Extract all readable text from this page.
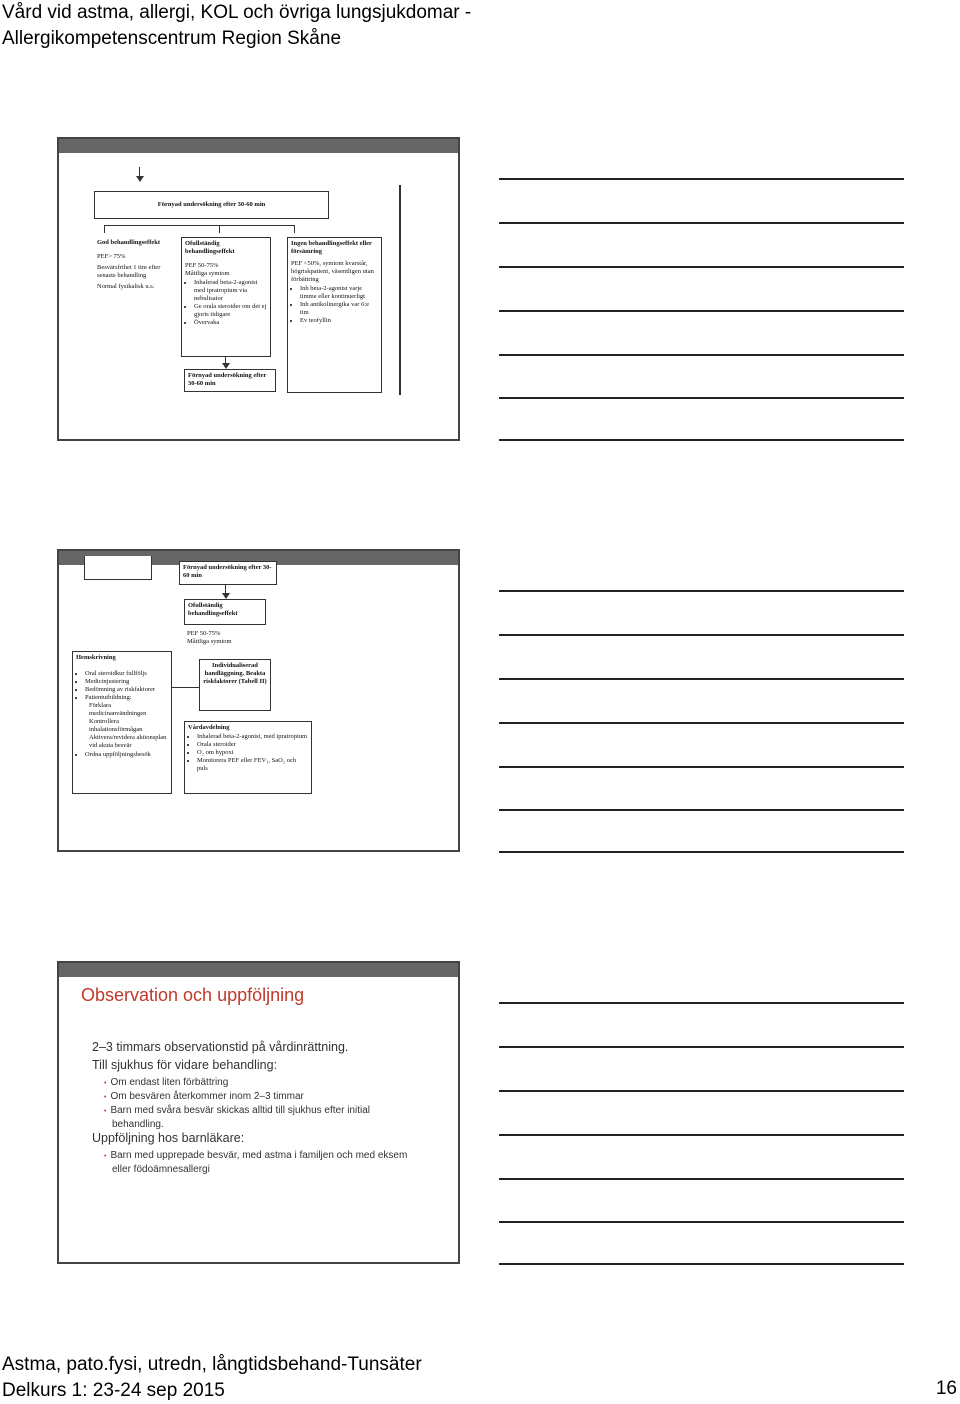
Vård vid astma, allergi, KOL och övriga lungsjukdomar -
Allergikompetenscentrum Region Skåne
Förnyad undersökning efter 30-60 min
God behandlingseffekt
PEF> 75%
Besvärsfrihet 1 tim efter senaste behandling
Normal fysikalisk u.s.
Ofullständig behandlingseffekt
PEF 50-75%
Måttliga symtom
• Inhalerad beta-2-agonist med ipratropium via nebulisator
• Ge orala steroider om det ej gjorts tidigare
• Övervaka
Ingen behandlingseffekt eller försämring
PEF <50%, symtom kvarstår, högriskpatient, väsentligen utan förbättring
• Inh beta-2-agonist varje timme eller kontinuerligt
• Inh antikolinergika var 6:e tim
• Ev teofyllin
Förnyad undersökning efter 30-60 min
Förnyad undersökning efter 30-60 min
Ofullständig behandlingseffekt
PEF 50-75%
Måttliga symtom
Hemskrivning
• Oral steroidkur fullföljs
• Medicinjustering
• Bedömning av riskfaktorer
• Patientutbildning:
Förklara medicinanvändningen
Kontrollera inhalationsförmågan
Aktivera/revidera aktionsplan vid akuta besvär
• Ordna uppföljningsbesök
Individualiserad handläggning. Beakta riskfaktorer (Tabell II)
Vårdavdelning
• Inhalerad beta-2-agonist, med ipratropium
• Orala steroider
• O₂ om hypoxi
• Monitorera PEF eller FEV₁, SaO₂ och puls
Observation och uppföljning
2–3 timmars observationstid på vårdinrättning.
Till sjukhus för vidare behandling:
• Om endast liten förbättring
• Om besvären återkommer inom 2–3 timmar
• Barn med svåra besvär skickas alltid till sjukhus efter initial behandling.
Uppföljning hos barnläkare:
• Barn med upprepade besvär, med astma i familjen och med eksem eller födoämnesallergi
Astma, pato.fysi, utredn, långtidsbehand-Tunsäter
Delkurs 1: 23-24 sep 2015	16
